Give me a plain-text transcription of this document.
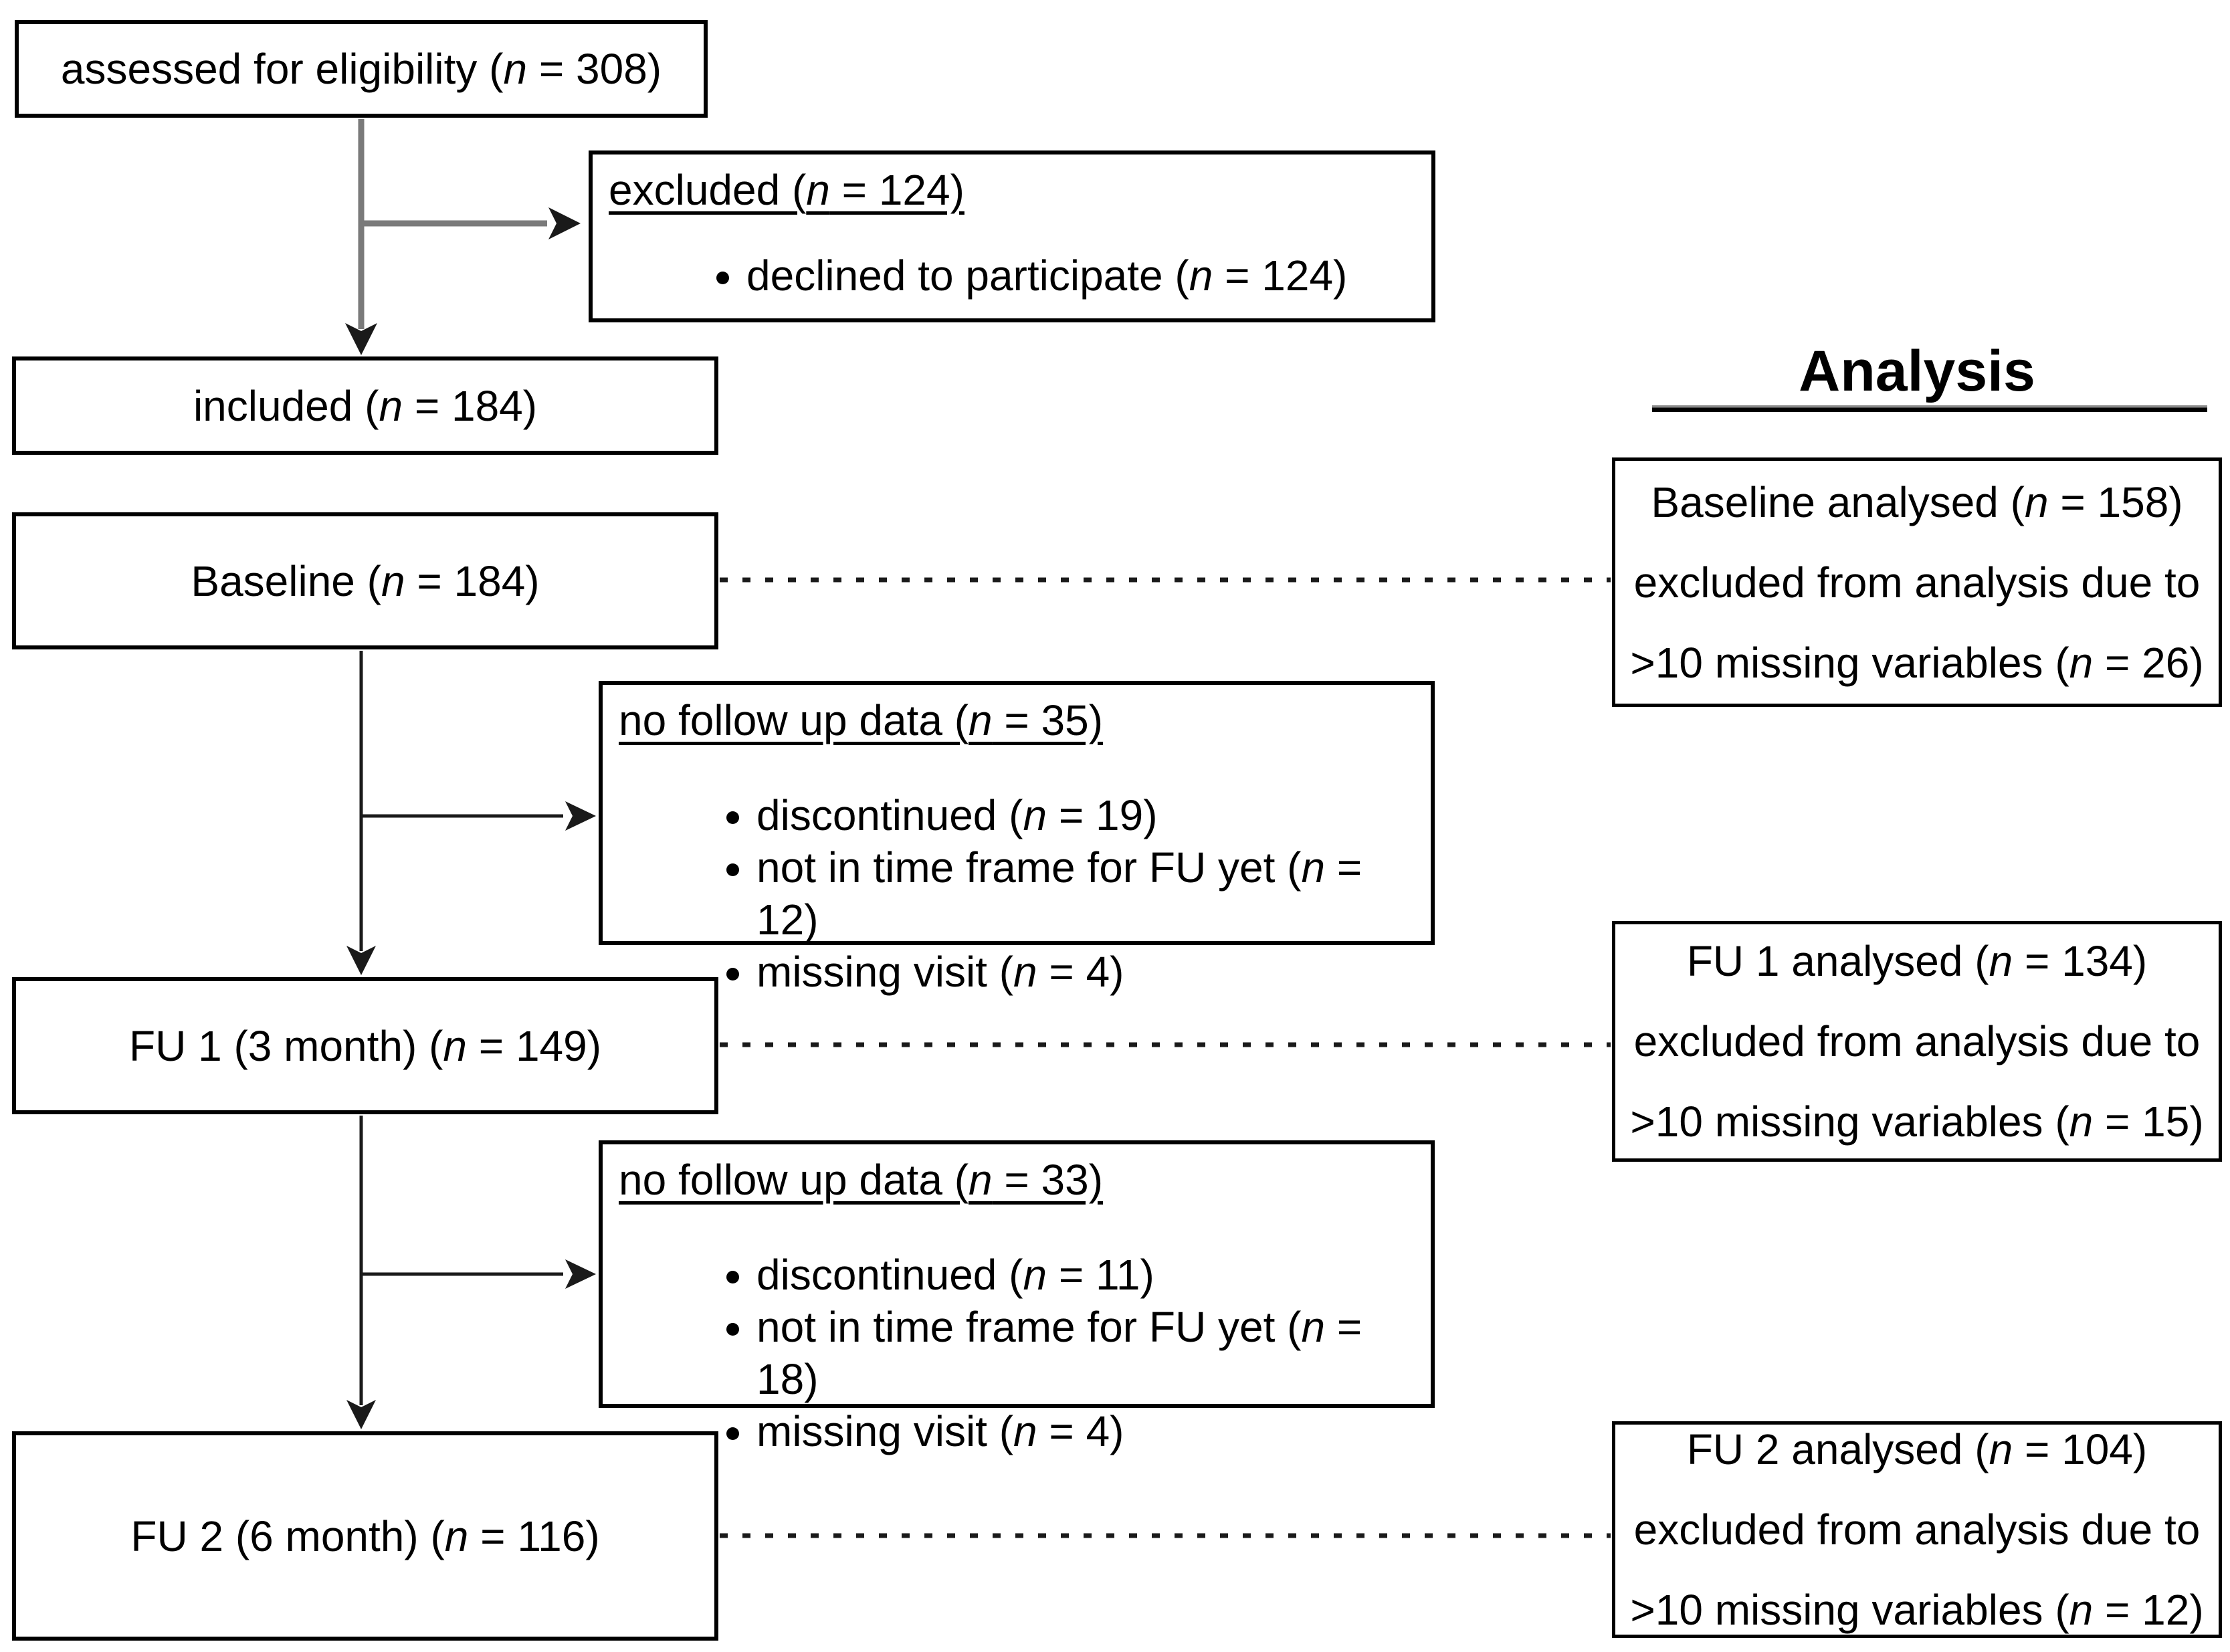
assessed for eligibility (n = 308)
excluded (n = 124)
• declined to participate (n = 124)
included (n = 184)
Baseline (n = 184)
Analysis
Baseline analysed (n = 158)
excluded from analysis due to
>10 missing variables (n = 26)
no follow up data (n = 35)
• discontinued (n = 19)
• not in time frame for FU yet (n = 12)
• missing visit (n = 4)
FU 1 (3 month) (n = 149)
FU 1 analysed (n = 134)
excluded from analysis due to
>10 missing variables (n = 15)
no follow up data (n = 33)
• discontinued (n = 11)
• not in time frame for FU yet (n = 18)
• missing visit (n = 4)
FU 2 (6 month) (n = 116)
FU 2 analysed (n = 104)
excluded from analysis due to
>10 missing variables (n = 12)
